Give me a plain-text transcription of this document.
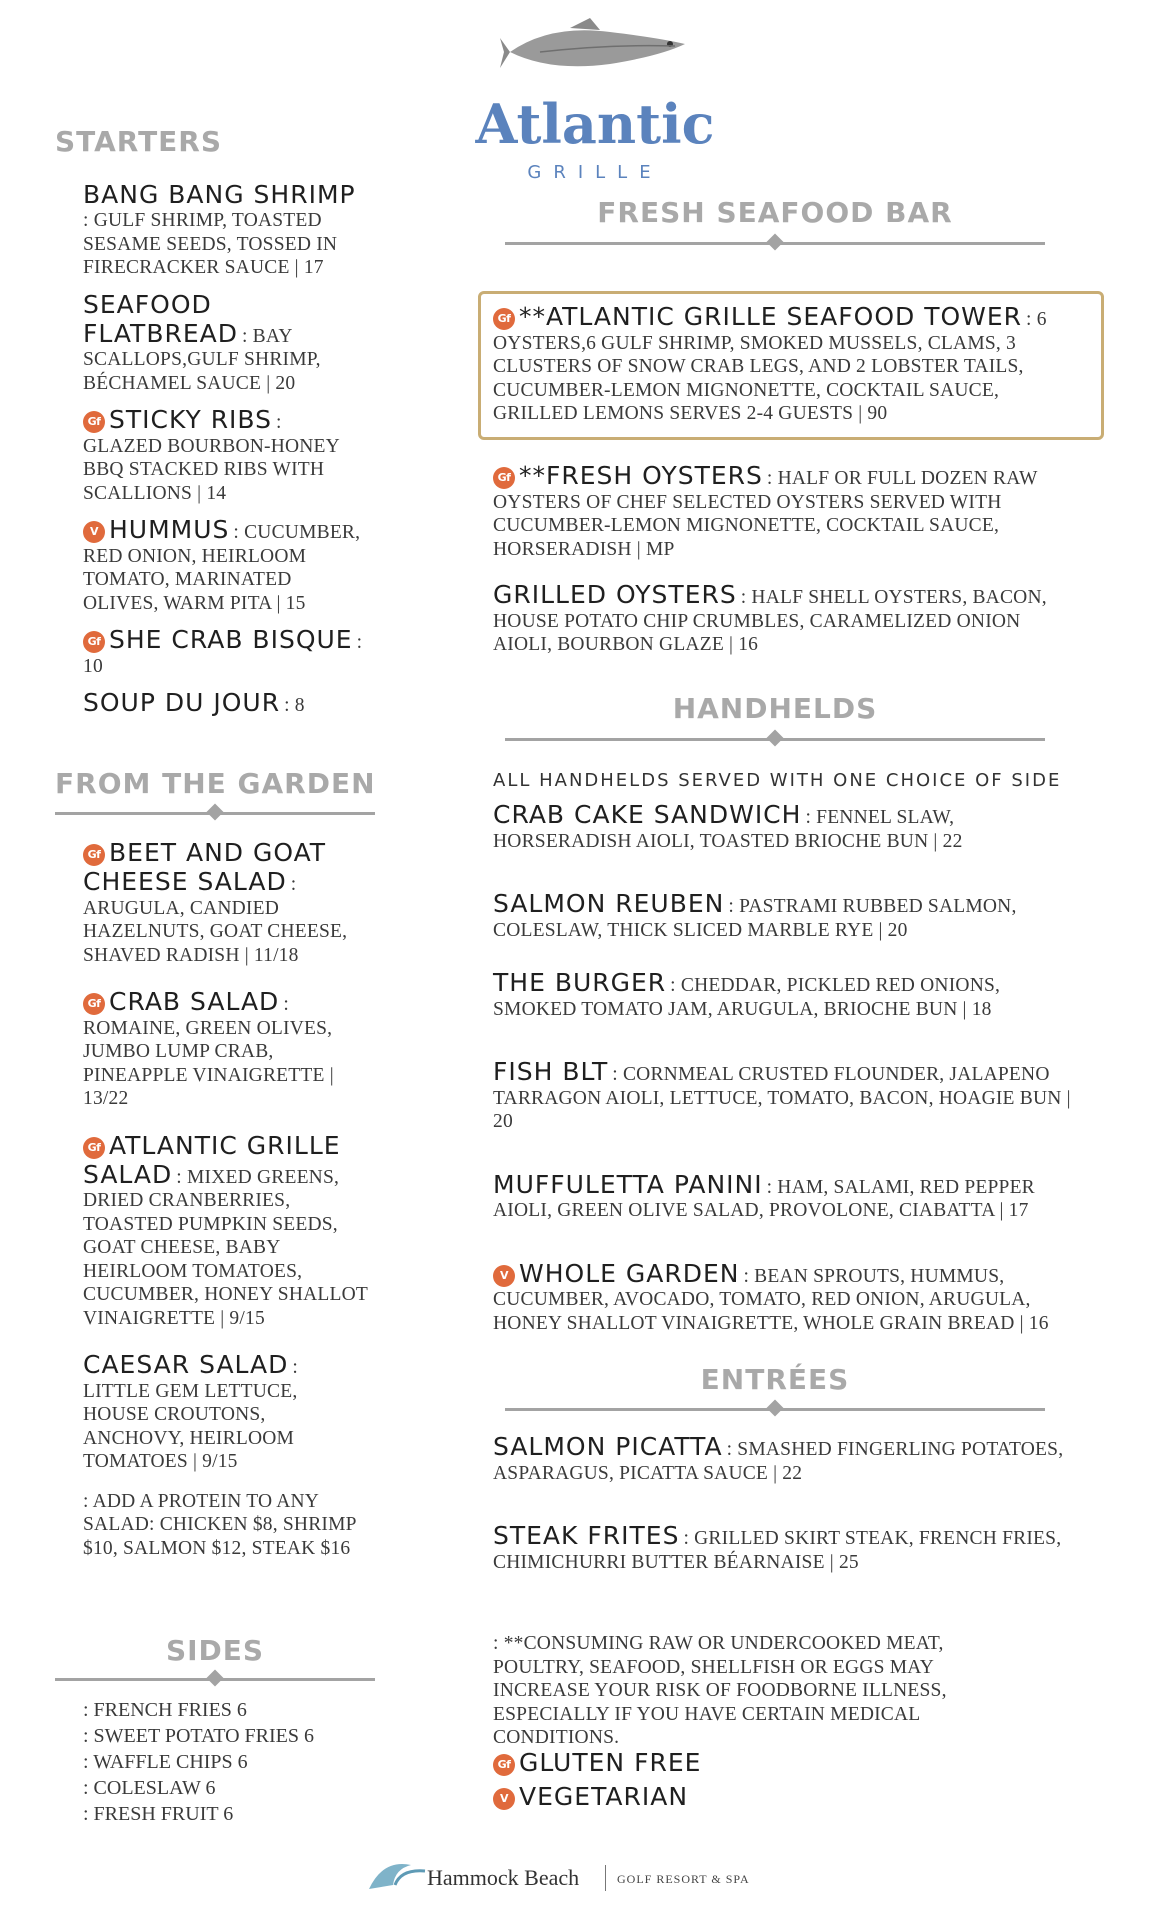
Atlantic
GRILLE
STARTERS
BANG BANG SHRIMP : GULF SHRIMP, TOASTED SESAME SEEDS, TOSSED IN FIRECRACKER SAUCE | 17
SEAFOOD FLATBREAD : BAY SCALLOPS,GULF SHRIMP, BÉCHAMEL SAUCE | 20
Gf STICKY RIBS : GLAZED BOURBON-HONEY BBQ STACKED RIBS WITH SCALLIONS | 14
V HUMMUS : CUCUMBER, RED ONION, HEIRLOOM TOMATO, MARINATED OLIVES, WARM PITA | 15
Gf SHE CRAB BISQUE : 10
SOUP DU JOUR : 8
FROM THE GARDEN
Gf BEET AND GOAT CHEESE SALAD : ARUGULA, CANDIED HAZELNUTS, GOAT CHEESE, SHAVED RADISH | 11/18
Gf CRAB SALAD : ROMAINE, GREEN OLIVES, JUMBO LUMP CRAB, PINEAPPLE VINAIGRETTE | 13/22
Gf ATLANTIC GRILLE SALAD : MIXED GREENS, DRIED CRANBERRIES, TOASTED PUMPKIN SEEDS, GOAT CHEESE, BABY HEIRLOOM TOMATOES, CUCUMBER, HONEY SHALLOT VINAIGRETTE | 9/15
CAESAR SALAD : LITTLE GEM LETTUCE, HOUSE CROUTONS, ANCHOVY, HEIRLOOM TOMATOES | 9/15
: ADD A PROTEIN TO ANY SALAD: CHICKEN $8, SHRIMP $10, SALMON $12, STEAK $16
SIDES
: FRENCH FRIES 6
: SWEET POTATO FRIES 6
: WAFFLE CHIPS 6
: COLESLAW 6
: FRESH FRUIT 6
FRESH SEAFOOD BAR
Gf **ATLANTIC GRILLE SEAFOOD TOWER : 6 OYSTERS,6 GULF SHRIMP, SMOKED MUSSELS, CLAMS, 3 CLUSTERS OF SNOW CRAB LEGS, AND 2 LOBSTER TAILS, CUCUMBER-LEMON MIGNONETTE, COCKTAIL SAUCE, GRILLED LEMONS SERVES 2-4 GUESTS | 90
Gf **FRESH OYSTERS : HALF OR FULL DOZEN RAW OYSTERS OF CHEF SELECTED OYSTERS SERVED WITH CUCUMBER-LEMON MIGNONETTE, COCKTAIL SAUCE, HORSERADISH | MP
GRILLED OYSTERS : HALF SHELL OYSTERS, BACON, HOUSE POTATO CHIP CRUMBLES, CARAMELIZED ONION AIOLI, BOURBON GLAZE | 16
HANDHELDS
ALL HANDHELDS SERVED WITH ONE CHOICE OF SIDE
CRAB CAKE SANDWICH : FENNEL SLAW, HORSERADISH AIOLI, TOASTED BRIOCHE BUN | 22
SALMON REUBEN : PASTRAMI RUBBED SALMON, COLESLAW, THICK SLICED MARBLE RYE | 20
THE BURGER : CHEDDAR, PICKLED RED ONIONS, SMOKED TOMATO JAM, ARUGULA, BRIOCHE BUN | 18
FISH BLT : CORNMEAL CRUSTED FLOUNDER, JALAPENO TARRAGON AIOLI, LETTUCE, TOMATO, BACON, HOAGIE BUN | 20
MUFFULETTA PANINI : HAM, SALAMI, RED PEPPER AIOLI, GREEN OLIVE SALAD, PROVOLONE, CIABATTA | 17
V WHOLE GARDEN : BEAN SPROUTS, HUMMUS, CUCUMBER, AVOCADO, TOMATO, RED ONION, ARUGULA, HONEY SHALLOT VINAIGRETTE, WHOLE GRAIN BREAD | 16
ENTRÉES
SALMON PICATTA : SMASHED FINGERLING POTATOES, ASPARAGUS, PICATTA SAUCE | 22
STEAK FRITES : GRILLED SKIRT STEAK, FRENCH FRIES, CHIMICHURRI BUTTER BÉARNAISE | 25
: **CONSUMING RAW OR UNDERCOOKED MEAT, POULTRY, SEAFOOD, SHELLFISH OR EGGS MAY INCREASE YOUR RISK OF FOODBORNE ILLNESS, ESPECIALLY IF YOU HAVE CERTAIN MEDICAL CONDITIONS.
Gf GLUTEN FREE
V VEGETARIAN
Hammock Beach	GOLF RESORT & SPA
